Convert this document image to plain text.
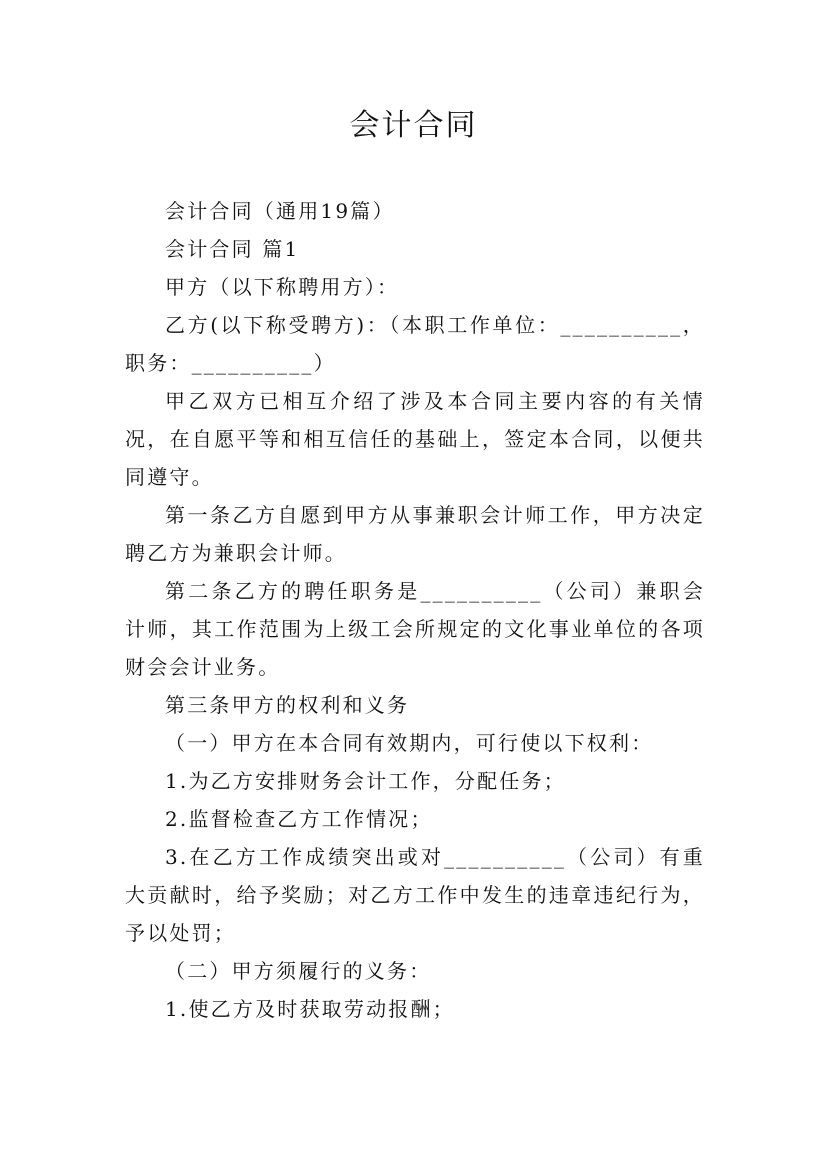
会计合同

会计合同（通用19篇）

会计合同 篇1

甲方（以下称聘用方）：

乙方(以下称受聘方)：（本职工作单位：__________，职务：__________）

甲乙双方已相互介绍了涉及本合同主要内容的有关情况，在自愿平等和相互信任的基础上，签定本合同，以便共同遵守。

第一条乙方自愿到甲方从事兼职会计师工作，甲方决定聘乙方为兼职会计师。

第二条乙方的聘任职务是__________（公司）兼职会计师，其工作范围为上级工会所规定的文化事业单位的各项财会会计业务。

第三条甲方的权利和义务

（一）甲方在本合同有效期内，可行使以下权利：

1.为乙方安排财务会计工作，分配任务；

2.监督检查乙方工作情况；

3.在乙方工作成绩突出或对__________（公司）有重大贡献时，给予奖励；对乙方工作中发生的违章违纪行为，予以处罚；

（二）甲方须履行的义务：

1.使乙方及时获取劳动报酬；
